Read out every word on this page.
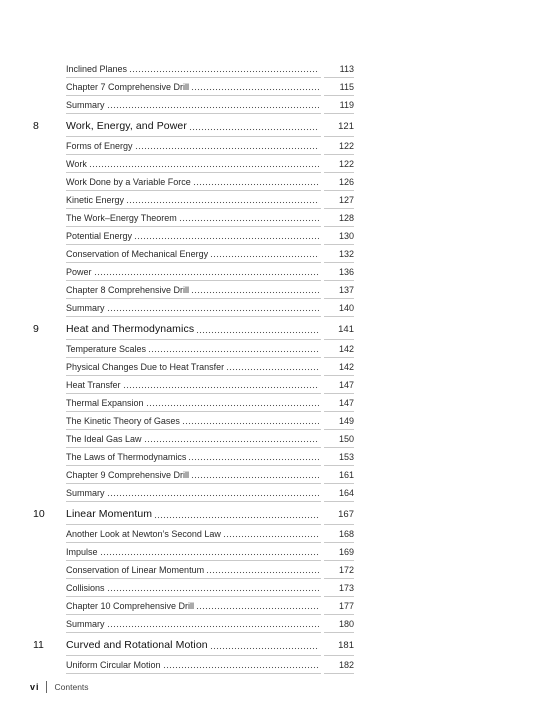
Inclined Planes	113
Chapter 7 Comprehensive Drill	115
Summary	119
8	Work, Energy, and Power	121
Forms of Energy	122
Work	122
Work Done by a Variable Force	126
Kinetic Energy	127
The Work–Energy Theorem	128
Potential Energy	130
Conservation of Mechanical Energy	132
Power	136
Chapter 8 Comprehensive Drill	137
Summary	140
9	Heat and Thermodynamics	141
Temperature Scales	142
Physical Changes Due to Heat Transfer	142
Heat Transfer	147
Thermal Expansion	147
The Kinetic Theory of Gases	149
The Ideal Gas Law	150
The Laws of Thermodynamics	153
Chapter 9 Comprehensive Drill	161
Summary	164
10	Linear Momentum	167
Another Look at Newton’s Second Law	168
Impulse	169
Conservation of Linear Momentum	172
Collisions	173
Chapter 10 Comprehensive Drill	177
Summary	180
11	Curved and Rotational Motion	181
Uniform Circular Motion	182
vi Contents
